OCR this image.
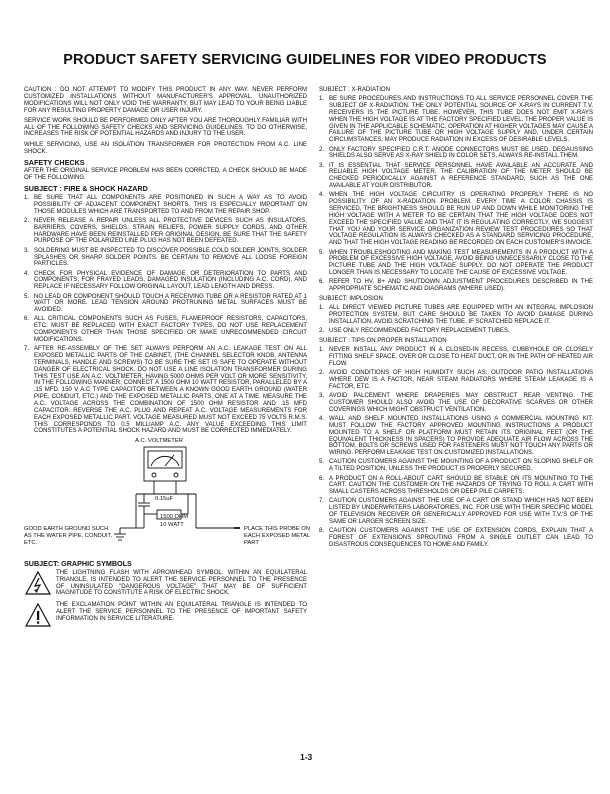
PRODUCT SAFETY SERVICING GUIDELINES FOR VIDEO PRODUCTS

CAUTION : DO NOT ATTEMPT TO MODIFY THIS PRODUCT IN ANY WAY. NEVER PERFORM CUSTOMIZED INSTALLATIONS WITHOUT MANUFACTURER'S APPROVAL. UNAUTHORIZED MODIFICATIONS WILL NOT ONLY VOID THE WARRANTY, BUT MAY LEAD TO YOUR BEING LIABLE FOR ANY RESULTING PROPERTY DAMAGE OR USER INJURY.

SERVICE WORK SHOULD BE PERFORMED ONLY AFTER YOU ARE THOROUGHLY FAMILIAR WITH ALL OF THE FOLLOWING SAFETY CHECKS AND SERVICING GUIDELINES. TO DO OTHERWISE, INCREASES THE RISK OF POTENTIAL HAZARDS AND INJURY TO THE USER.

WHILE SERVICING, USE AN ISOLATION TRANSFORMER FOR PROTECTION FROM A.C. LINE SHOCK.

SAFETY CHECKS

AFTER THE ORIGINAL SERVICE PROBLEM HAS BEEN CORRCTED, A CHECK SHOULD BE MADE OF THE FOLLOWING.

SUBJECT : FIRE & SHOCK HAZARD
1. BE SURE THAT ALL COMPONENTS ARE POSITIONED IN SUCH A WAY AS TO AVOID POSSIBILITY OF ADJACENT COMPONENT SHORTS. THIS IS ESPECIALLY IMPORTANT ON THOSE MODULES WHICH ARE TRANSPORTED TO AND FROM THE REPAIR SHOP.
2. NEVER RELEASE A REPAIR UNLESS ALL PROTECTIVE DEVICES SUCH AS INSULATORS, BARRIERS, COVERS, SHIELDS, STRAIN RELIEFS, POWER SUPPLY CORDS, AND OTHER HARDWARE HAVE BEEN REINSTALLED PER ORIGINAL DESIGN. BE SURE THAT THE SAFETY PURPOSE OF THE POLARIZED LINE PLUG HAS NOT BEEN DEFEATED.
3. SOLDERING MUST BE INSPECTED TO DISCOVER POSSIBLE COLD SOLDER JOINTS, SOLDER SPLASHES OR SHARP SOLDER POINTS. BE CERTAIN TO REMOVE ALL LOOSE FOREIGN PARTICLES.
4. CHECK FOR PHYSICAL EVIDENCE OF DAMAGE OR DETERIORATION TO PARTS AND COMPONENTS, FOR FRAYED LEADS, DAMAGED INSULATION (INCLUDING A.C. CORD), AND REPLACE IF NECESSARY FOLLOW ORIGINAL LAYOUT, LEAD LENGTH AND DRESS.
5. NO LEAD OR COMPONENT SHOULD TOUCH A RECEIVING TUBE OR A RESISTOR RATED AT 1 WATT OR MORE. LEAD TENSION AROUND PROTRUNING METAL SURFACES MUST BE AVOIDED.
6. ALL CRITICAL COMPONENTS SUCH AS FUSES, FLAMEPROOF RESISTORS, CAPACITORS, ETC. MUST BE REPLACED WITH EXACT FACTORY TYPES, DO NOT USE REPLACEMENT COMPONENTS OTHER THAN THOSE SPECIFIED OR MAKE UNRECOMMENDED CIRCUIT MODIFICATIONS.
7. AFTER RE-ASSEMBLY OF THE SET ALWAYS PERFORM AN A.C. LEAKAGE TEST ON ALL EXPOSED METALLIC PARTS OF THE CABINET, (THE CHANNEL SELECTOR KNOB, ANTENNA TERMINALS, HANDLE AND SCREWS) TO BE SURE THE SET IS SAFE TO OPERATE WITHOUT DANGER OF ELECTRICAL SHOCK. DO NOT USE A LINE ISOLATION TRANSFORMER DURING THIS TEST USE AN A.C. VOLTMETER, HAVING 5000 OHMS PER VOLT OR MORE SENSITIVITY, IN THE FOLLOWING MANNER; CONNECT A 1500 OHM 10 WATT RESISTOR, PARALLELED BY A .15 MFD. 150 V A.C TYPE CAPACITOR BETWEEN A KNOWN GOOD EARTH GROUND (WATER PIPE, CONDUIT, ETC.) AND THE EXPOSED METALLIC PARTS, ONE AT A TIME. MEASURE THE A.C. VOLTAGE ACROSS THE COMBINATION OF 1500 OHM RESISTOR AND .15 MFD CAPACITOR. REVERSE THE A.C. PLUG AND REPEAT A.C. VOLTAGE MEASUREMENTS FOR EACH EXPOSED METALLIC PART. VOLTAGE MEASURED MUST NOT EXCEED 75 VOLTS R.M.S. THIS CORRESPONDS TO 0.5 MILLIAMP A.C. ANY VALUE EXCEEDING THIS LIMIT CONSTITUTES A POTENTIAL SHOCK HAZARD AND MUST BE CORRECTED IMMEDIATELY.
A.C. VOLTMETER
0.15uF
1500 OHM
10 WATT
GOOD EARTH GROUND SUCH AS THE WATER PIPE, CONDUIT, ETC.
PLACE THIS PROBE ON EACH EXPOSED METAL PART
SUBJECT: GRAPHIC SYMBOLS
THE LIGHTNING FLASH WITH APROWHEAD SYMBOL. WITHIN AN EQUILATERAL TRIANGLE, IS INTENDED TO ALERT THE SERVICE PERSONNEL TO THE PRESENCE OF UNINSULATED "DANGEROUS VOLTAGE" THAT MAY BE OF SUFFICIENT MAGNITUDE TO CONSTITUTE A RISK OF ELECTRIC SHOCK.
THE EXCLAMATION POINT WITHIN AN EQUILATERAL TRIANGLE IS INTENDED TO ALERT THE SERVICE PERSONNEL TO THE PRESENCE OF IMPORTANT SAFETY INFORMATION IN SERVICE LITERATURE.
SUBJECT : X-RADIATION
1. BE SURE PROCEDURES AND INSTRUCTIONS TO ALL SERVICE PERSONNEL COVER THE SUBJECT OF X-RADIATION. THE ONLY POTENTIAL SOURCE OF X-RAYS IN CURRENT T.V. RECEIVERS IS THE PICTURE TUBE. HOWEVER, THIS TUBE DOES NOT EMIT X-RAYS WHEN THE HIGH VOLTAGE IS AT THE FACTORY SPECIFIED LEVEL. THE PROPER VALUE IS GIVEN IN THE APPLICABLE SCHEMATIC. OPERATION AT HIGHER VOLTAGES MAY CAUSE A FAILURE OF THE PICTURE TUBE OR HIGH VOLTAGE SUPPLY AND, UNDER CERTAIN CIRCUMSTANCES, MAY PRODUCE RADIATION IN EXCESS OF DESIRABLE LEVELS.
2. ONLY FACTORY SPECIFIED C.R.T. ANODE CONNECTORS MUST BE USED. DEGAUSSING SHIELDS ALSO SERVE AS X-RAY SHIELD IN COLOR SETS, ALWAYS RE-INSTALL THEM.
3. IT IS ESSENTIAL THAT SERVICE PERSONNEL HAVE AVAILABLE AN ACCURATE AND RELIABLE HIGH VOLTAGE METER. THE CALIBRATION OF THE METER SHOULD BE CHECKED PERIODICALLY AGAINST A REFERENCE STANDARD, SUCH AS THE ONE AVAILABLE AT YOUR DISTRIBUTOR.
4. WHEN THE HIGH VOLTAGE CIRCUITRY IS OPERATING PROPERLY THERE IS NO POSSIBILITY OF AN X-RADIATION PROBLEM. EVERY TIME A COLOR CHASSIS IS SERVICED, THE BRIGHTNESS SHOULD BE RUN UP AND DOWN WHILE MONITORING THE HIGH VOLTAGE WITH A METER TO BE CERTAIN THAT THE HIGH VOLTAGE DOES NOT EXCEED THE SPECIFIED VALUE AND THAT IT IS REGULATING CORRECTLY, WE SUGGEST THAT YOU AND YOUR SERVICE ORGANIZATION REVIEW TEST PROCEDURES SO THAT VOLTAGE REGULATION IS ALWAYS CHECKED AS A STANDARD SERVICING PROCEDURE, AND THAT THE HIGH VOLTAGE READING BE RECORDED ON EACH CUSTOMER'S INVOICE.
5. WHEN TROUBLESHOOTING AND MAKING TEST MEASUREMENTS IN A PRODUCT WITH A PROBLEM OF EXCESSIVE HIGH VOLTAGE, AVOID BEING UNNECESSARILY CLOSE TO THE PICTURE TUBE AND THE HIGH VOLTAGE SUPPLY. DO NOT OPERATE THE PRODUCT LONGER THAN IS NECESSARY TO LOCATE THE CAUSE OF EXCESSIVE VOLTAGE.
6. REFER TO HV, B+ AND SHUTDOWN ADJUSTMENT PROCEDURES DESCRIBED IN THE APPROPRIATE SCHEMATIC AND DIAGRAMS (WHERE USED).
SUBJECT: IMPLOSION
1. ALL DIRECT VIEWED PICTURE TUBES ARE EQUIPPED WITH AN INTEGRAL IMPLOSION PROTECTION SYSTEM, BUT CARE SHOULD BE TAKEN TO AVOID DAMAGE DURING INSTALLATION, AVOID SCRATCHING THE TUBE. IF SCRATCHED REPLACE IT.
2. USE ONLY RECOMMENDED FACTORY REPLACEMENT TUBES.
SUBJECT : TIPS ON PROPER INSTALLATION
1. NEVER INSTALL ANY PRODUCT IN A CLOSED-IN RECESS, CUBBYHOLE OR CLOSELY FITTING SHELF SPACE. OVER OR CLOSE TO HEAT DUCT, OR IN THE PATH OF HEATED AIR FLOW.
2. AVOID CONDITIONS OF HIGH HUMIDITY SUCH AS: OUTDOOR PATIO INSTALLATIONS WHERE DEW IS A FACTOR, NEAR STEAM RADIATORS WHERE STEAM LEAKAGE IS A FACTOR, ETC.
3. AVOID PALCEMENT WHERE DRAPERIES MAY OBSTRUCT REAR VENTING. THE CUSTOMER SHOULD ALSO AVOID THE USE OF DECORATIVE SCARVES OR OTHER COVERINGS WHICH MIGHT OBSTRUCT VENTILATION.
4. WALL AND SHELF MOUNTED INSTALLATIONS USING A COMMERCIAL MOUNTING KIT. MUST FOLLOW THE FACTORY APPROVED MOUNTING INSTRUCTIONS A PRODUCT MOUNTED TO A SHELF OR PLATFORM MUST RETAIN ITS ORIGINAL FEET (OR THE EQUIVALENT THICKNESS IN SPACERS) TO PROVIDE ADEQUATE AIR FLOW ACROSS THE BOTTOM. BOLTS OR SCREWS USED FOR FASTENERS MUST NOT TOUCH ANY PARTS OR WIRING. PERFORM LEAKAGE TEST ON CUSTOMIZED INSTALLATIONS.
5. CAUTION CUSTOMERS AGAINST THE MOUNTING OF A PRODUCT ON SLOPING SHELF OR A TILTED POSITION, UNLESS THE PRODUCT IS PROPERLY SECURED.
6. A PRODUCT ON A ROLL-ABOUT CART SHOULD BE STABLE ON ITS MOUNTING TO THE CART. CAUTION THE CUSTOMER ON THE HAZARDS OF TRYING TO ROLL A CART WITH SMALL CASTERS ACROSS THRESHOLDS OR DEEP PILE CARPETS.
7. CAUTION CUSTOMERS AGAINST THE USE OF A CART OR STAND WHICH HAS NOT BEEN LISTED BY UNDERWRITERS LABORATORIES, INC. FOR USE WITH THEIR SPECIFIC MODEL OF TELEVISION RECEIVER OR GENERICALLY APPROVED FOR USE WITH T.V.'S OF THE SAME OR LARGER SCREEN SIZE.
8. CAUTION CUSTOMERS AGAINST THE USE OF EXTENSION CORDS, EXPLAIN THAT A FOREST OF EXTENSIONS SPROUTING FROM A SINGLE OUTLET CAN LEAD TO DISASTROUS CONSEQUENCES TO HOME AND FAMILY.
1-3
